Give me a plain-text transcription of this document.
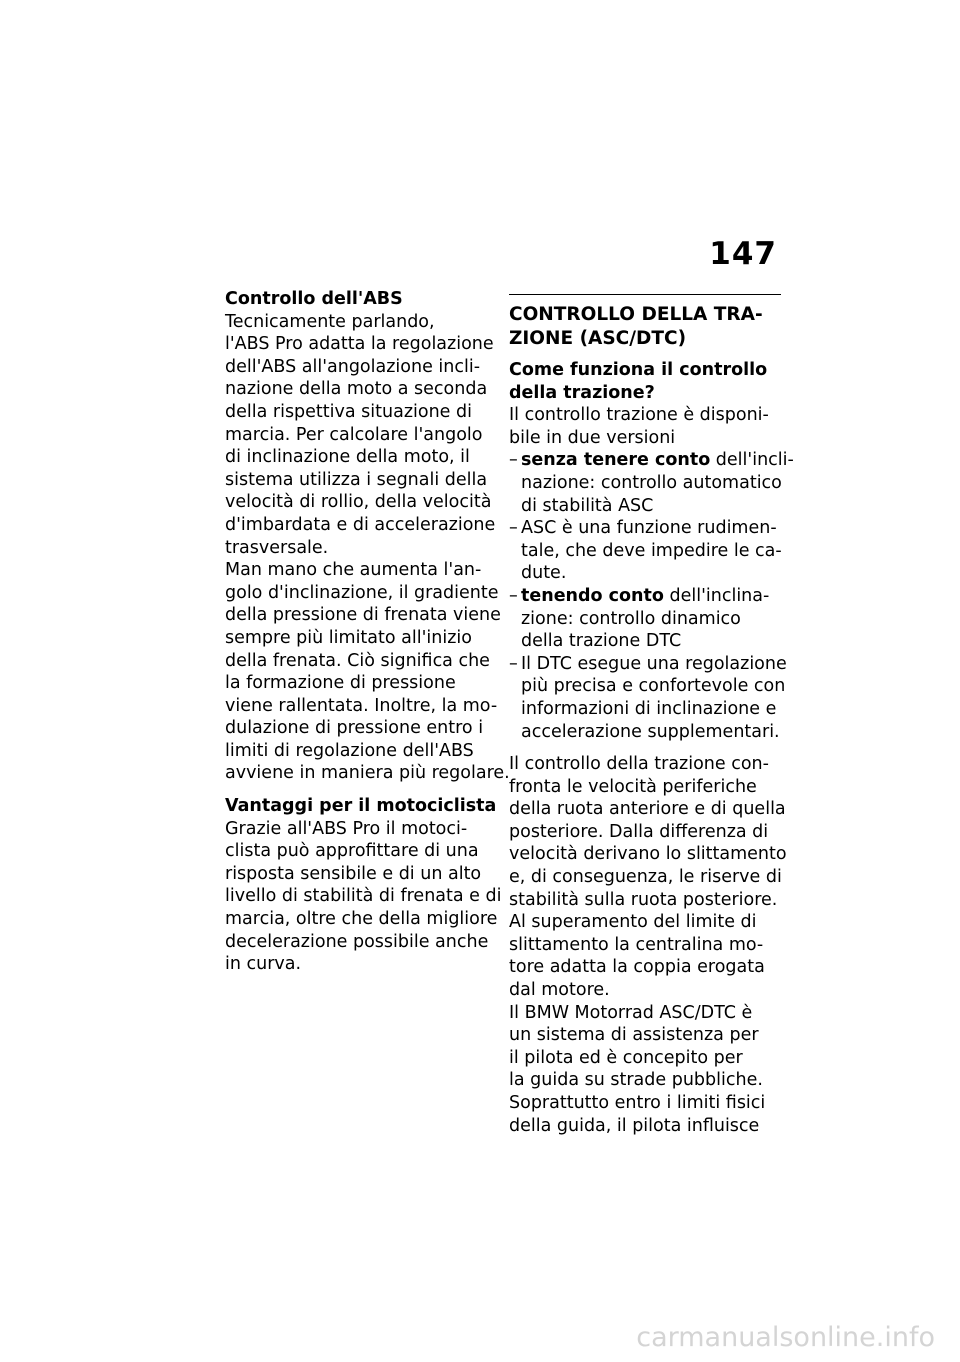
147
Controllo dell'ABS
Tecnicamente parlando,
l'ABS Pro adatta la regolazione
dell'ABS all'angolazione incli-
nazione della moto a seconda
della rispettiva situazione di
marcia. Per calcolare l'angolo
di inclinazione della moto, il
sistema utilizza i segnali della
velocità di rollio, della velocità
d'imbardata e di accelerazione
trasversale.
Man mano che aumenta l'an-
golo d'inclinazione, il gradiente
della pressione di frenata viene
sempre più limitato all'inizio
della frenata. Ciò significa che
la formazione di pressione
viene rallentata. Inoltre, la mo-
dulazione di pressione entro i
limiti di regolazione dell'ABS
avviene in maniera più regolare.
Vantaggi per il motociclista
Grazie all'ABS Pro il motoci-
clista può approfittare di una
risposta sensibile e di un alto
livello di stabilità di frenata e di
marcia, oltre che della migliore
decelerazione possibile anche
in curva.
CONTROLLO DELLA TRA-
ZIONE (ASC/DTC)
Come funziona il controllo
della trazione?
Il controllo trazione è disponi-
bile in due versioni
– senza tenere conto dell'incli-
nazione: controllo automatico
di stabilità ASC
– ASC è una funzione rudimen-
tale, che deve impedire le ca-
dute.
– tenendo conto dell'inclina-
zione: controllo dinamico
della trazione DTC
– Il DTC esegue una regolazione
più precisa e confortevole con
informazioni di inclinazione e
accelerazione supplementari.
Il controllo della trazione con-
fronta le velocità periferiche
della ruota anteriore e di quella
posteriore. Dalla differenza di
velocità derivano lo slittamento
e, di conseguenza, le riserve di
stabilità sulla ruota posteriore.
Al superamento del limite di
slittamento la centralina mo-
tore adatta la coppia erogata
dal motore.
Il BMW Motorrad ASC/DTC è
un sistema di assistenza per
il pilota ed è concepito per
la guida su strade pubbliche.
Soprattutto entro i limiti fisici
della guida, il pilota influisce
carmanualsonline.info
